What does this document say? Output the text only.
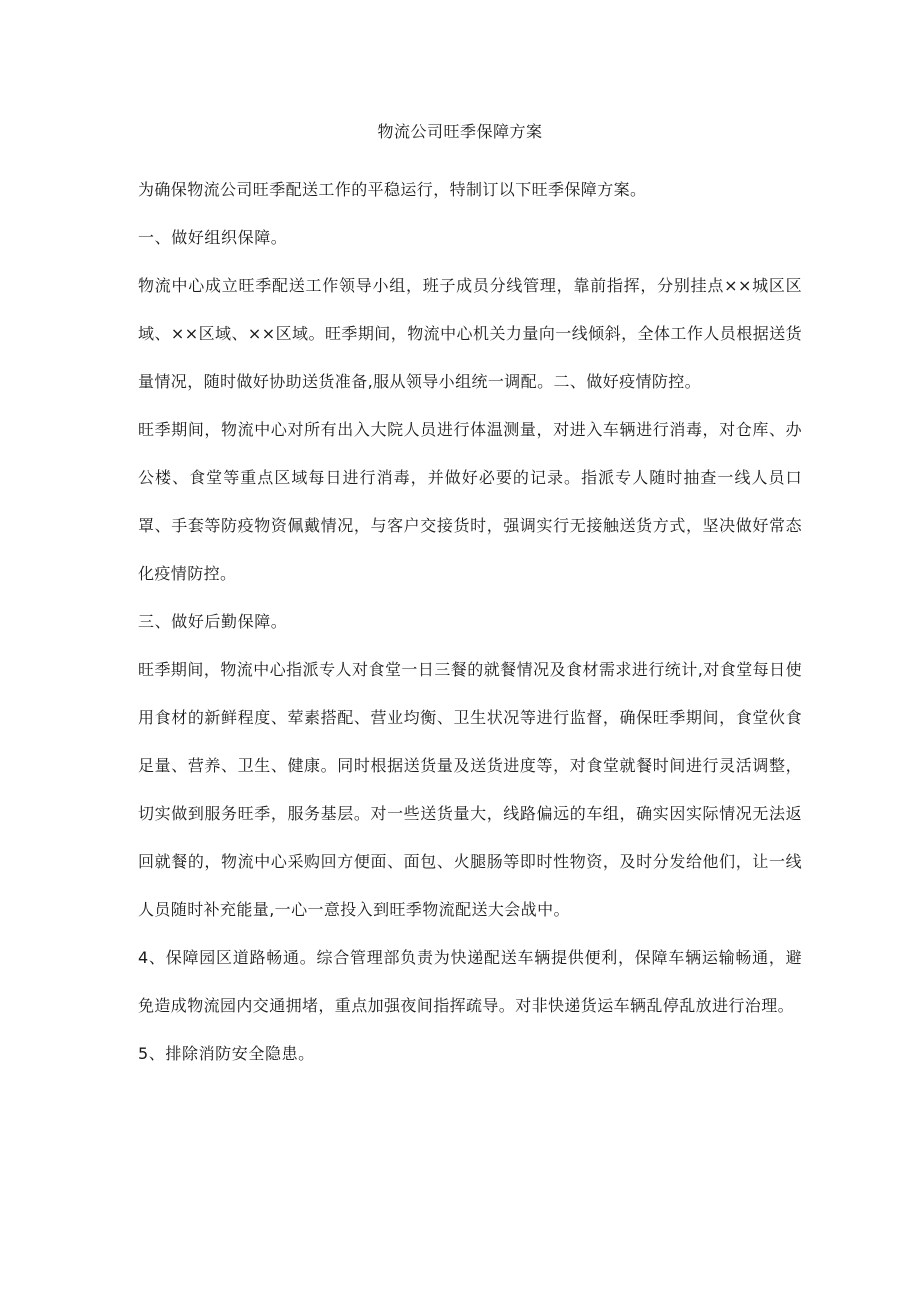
物流公司旺季保障方案

为确保物流公司旺季配送工作的平稳运行，特制订以下旺季保障方案。

一、做好组织保障。

物流中心成立旺季配送工作领导小组，班子成员分线管理，靠前指挥，分别挂点××城区区域、××区域、××区域。旺季期间，物流中心机关力量向一线倾斜，全体工作人员根据送货量情况，随时做好协助送货准备,服从领导小组统一调配。二、做好疫情防控。

旺季期间，物流中心对所有出入大院人员进行体温测量，对进入车辆进行消毒，对仓库、办公楼、食堂等重点区域每日进行消毒，并做好必要的记录。指派专人随时抽查一线人员口罩、手套等防疫物资佩戴情况，与客户交接货时，强调实行无接触送货方式，坚决做好常态化疫情防控。

三、做好后勤保障。

旺季期间，物流中心指派专人对食堂一日三餐的就餐情况及食材需求进行统计,对食堂每日使用食材的新鲜程度、荤素搭配、营业均衡、卫生状况等进行监督，确保旺季期间，食堂伙食足量、营养、卫生、健康。同时根据送货量及送货进度等，对食堂就餐时间进行灵活调整，切实做到服务旺季，服务基层。对一些送货量大，线路偏远的车组，确实因实际情况无法返回就餐的，物流中心采购回方便面、面包、火腿肠等即时性物资，及时分发给他们，让一线人员随时补充能量,一心一意投入到旺季物流配送大会战中。

4、保障园区道路畅通。综合管理部负责为快递配送车辆提供便利，保障车辆运输畅通，避免造成物流园内交通拥堵，重点加强夜间指挥疏导。对非快递货运车辆乱停乱放进行治理。

5、排除消防安全隐患。
